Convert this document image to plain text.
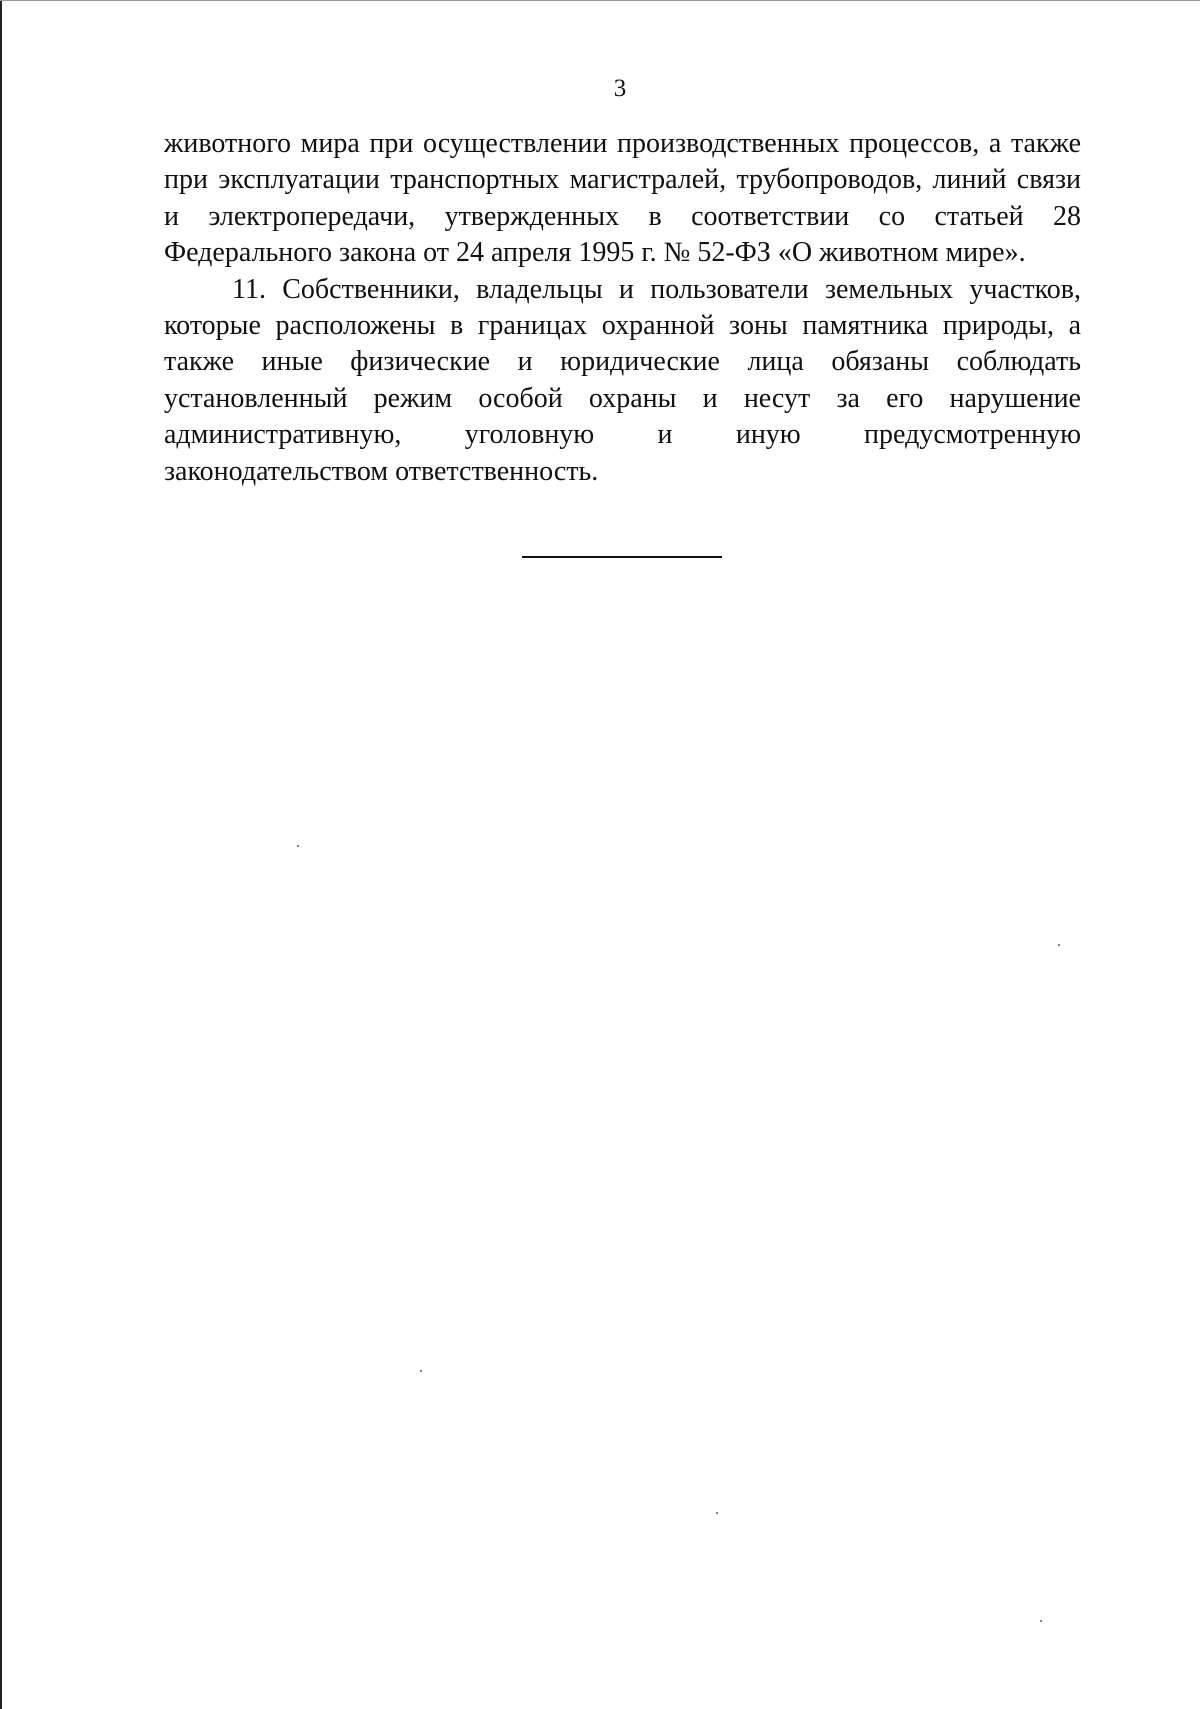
3

животного мира при осуществлении производственных процессов, а также
при эксплуатации транспортных магистралей, трубопроводов, линий связи
и электропередачи, утвержденных в соответствии со статьей 28
Федерального закона от 24 апреля 1995 г. № 52-ФЗ «О животном мире».

11. Собственники, владельцы и пользователи земельных участков,
которые расположены в границах охранной зоны памятника природы, а
также иные физические и юридические лица обязаны соблюдать
установленный режим особой охраны и несут за его нарушение
административную, уголовную и иную предусмотренную
законодательством ответственность.
